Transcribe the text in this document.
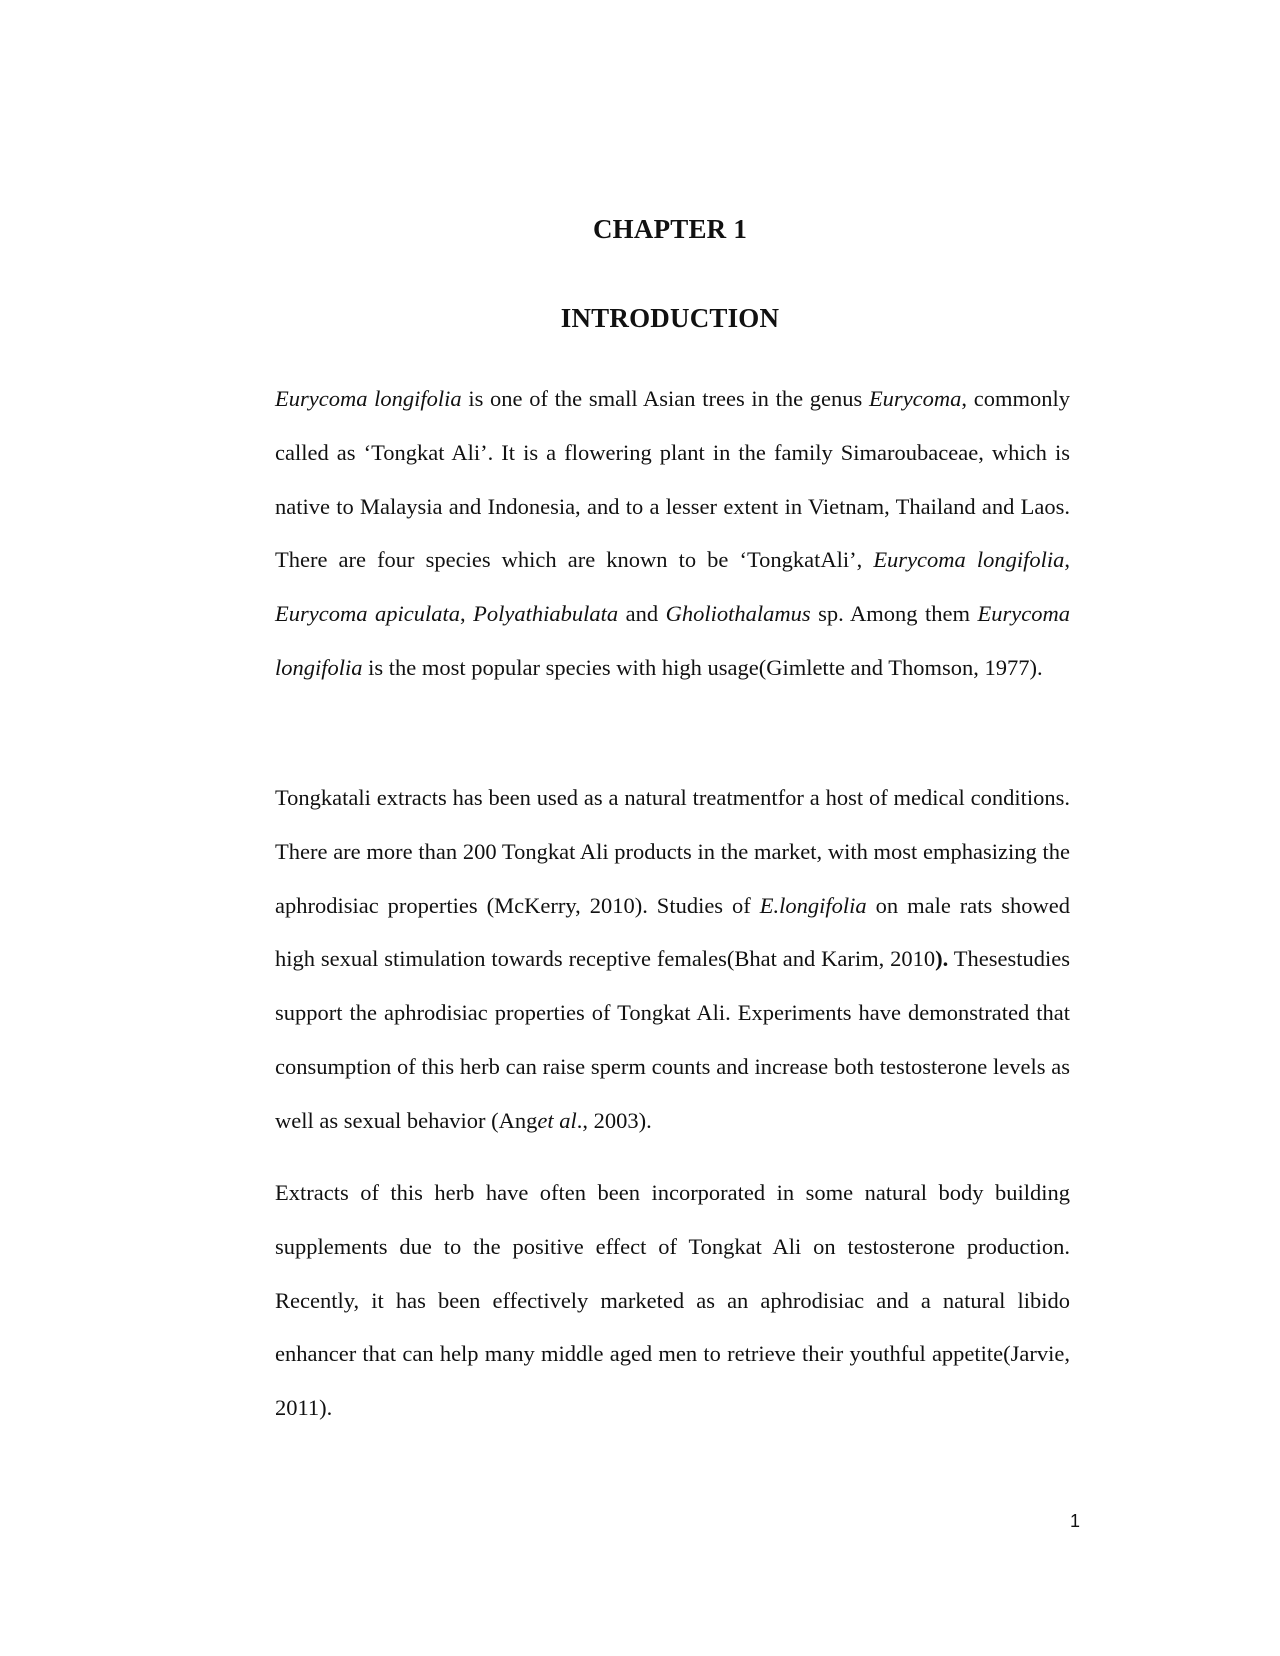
CHAPTER 1
INTRODUCTION

Eurycoma longifolia is one of the small Asian trees in the genus Eurycoma, commonly called as ‘Tongkat Ali’. It is a flowering plant in the family Simaroubaceae, which is native to Malaysia and Indonesia, and to a lesser extent in Vietnam, Thailand and Laos. There are four species which are known to be ‘TongkatAli’, Eurycoma longifolia, Eurycoma apiculata, Polyathiabulata and Gholiothalamus sp. Among them Eurycoma longifolia is the most popular species with high usage(Gimlette and Thomson, 1977).

Tongkatali extracts has been used as a natural treatmentfor a host of medical conditions. There are more than 200 Tongkat Ali products in the market, with most emphasizing the aphrodisiac properties (McKerry, 2010). Studies of E.longifolia on male rats showed high sexual stimulation towards receptive females(Bhat and Karim, 2010). Thesestudies support the aphrodisiac properties of Tongkat Ali. Experiments have demonstrated that consumption of this herb can raise sperm counts and increase both testosterone levels as well as sexual behavior (Anget al., 2003).

Extracts of this herb have often been incorporated in some natural body building supplements due to the positive effect of Tongkat Ali on testosterone production. Recently, it has been effectively marketed as an aphrodisiac and a natural libido enhancer that can help many middle aged men to retrieve their youthful appetite(Jarvie, 2011).

1
